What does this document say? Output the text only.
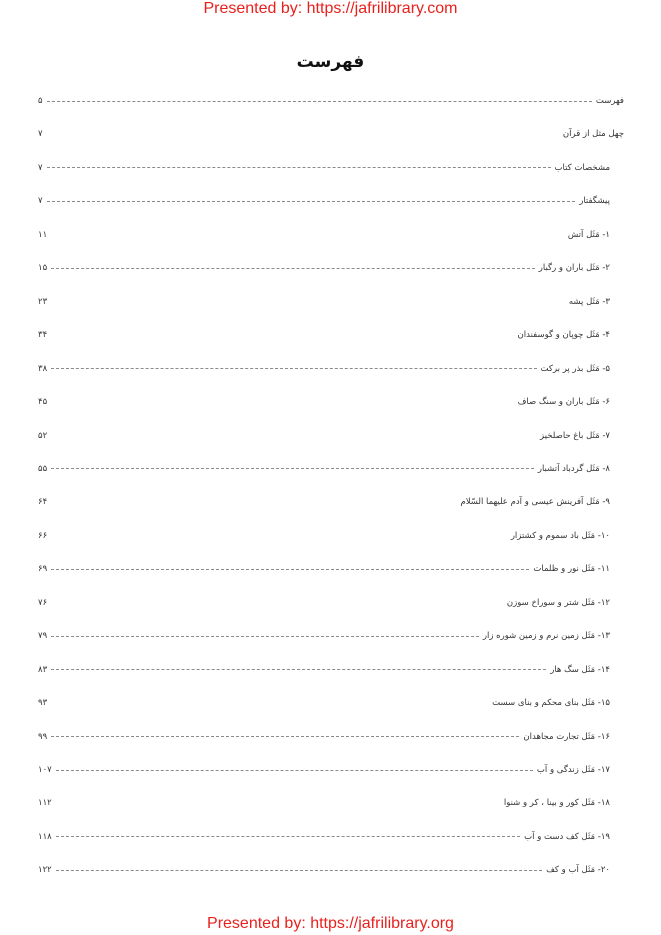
Presented by: https://jafrilibrary.com
فهرست
فهرست
۵
چهل مثل از قرآن
۷
مشخصات کتاب
۷
پیشگفتار
۷
۱- مَثَل آتش
۱۱
۲- مَثَل باران و رگبار
۱۵
۳- مَثَل پشه
۲۳
۴- مَثَل چوپان و گوسفندان
۳۴
۵- مَثَل بذر پر برکت
۳۸
۶- مَثَل باران و سنگ صاف
۴۵
۷- مَثَل باغ حاصلخیز
۵۲
۸- مَثَل گردباد آتشبار
۵۵
۹- مَثَل آفرینش عیسی و آدم علیهما السّلام
۶۴
۱۰- مَثَل باد سموم و کشتزار
۶۶
۱۱- مَثَل نور و ظلمات
۶۹
۱۲- مَثَل شتر و سوراخ سوزن
۷۶
۱۳- مَثَل زمین نرم و زمین شوره زار
۷۹
۱۴- مَثَل سگ هار
۸۳
۱۵- مَثَل بنای محکم و بنای سست
۹۳
۱۶- مَثَل تجارت مجاهدان
۹۹
۱۷- مَثَل زندگی و آب
۱۰۷
۱۸- مَثَل کور و بینا ، کر و شنوا
۱۱۲
۱۹- مَثَل کف دست و آب
۱۱۸
۲۰- مَثَل آب و کف
۱۲۲
Presented by: https://jafrilibrary.org
